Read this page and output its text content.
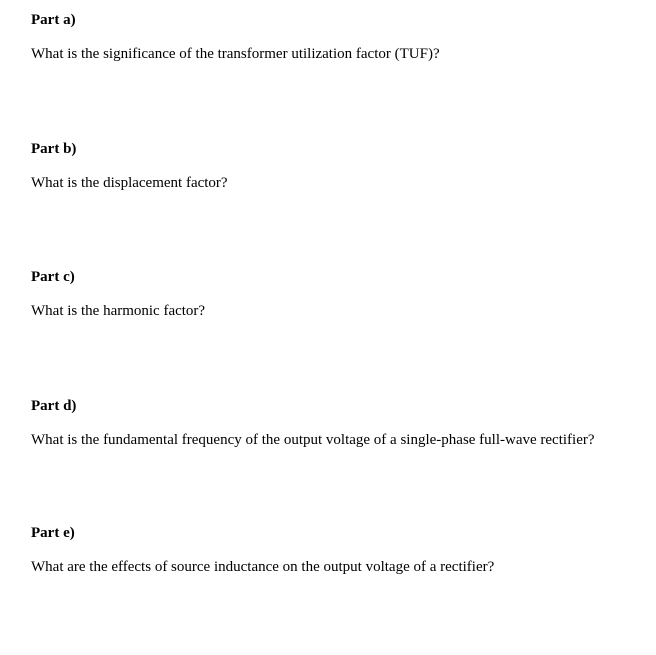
Part a)

What is the significance of the transformer utilization factor (TUF)?

Part b)

What is the displacement factor?

Part c)

What is the harmonic factor?

Part d)

What is the fundamental frequency of the output voltage of a single-phase full-wave rectifier?

Part e)

What are the effects of source inductance on the output voltage of a rectifier?
